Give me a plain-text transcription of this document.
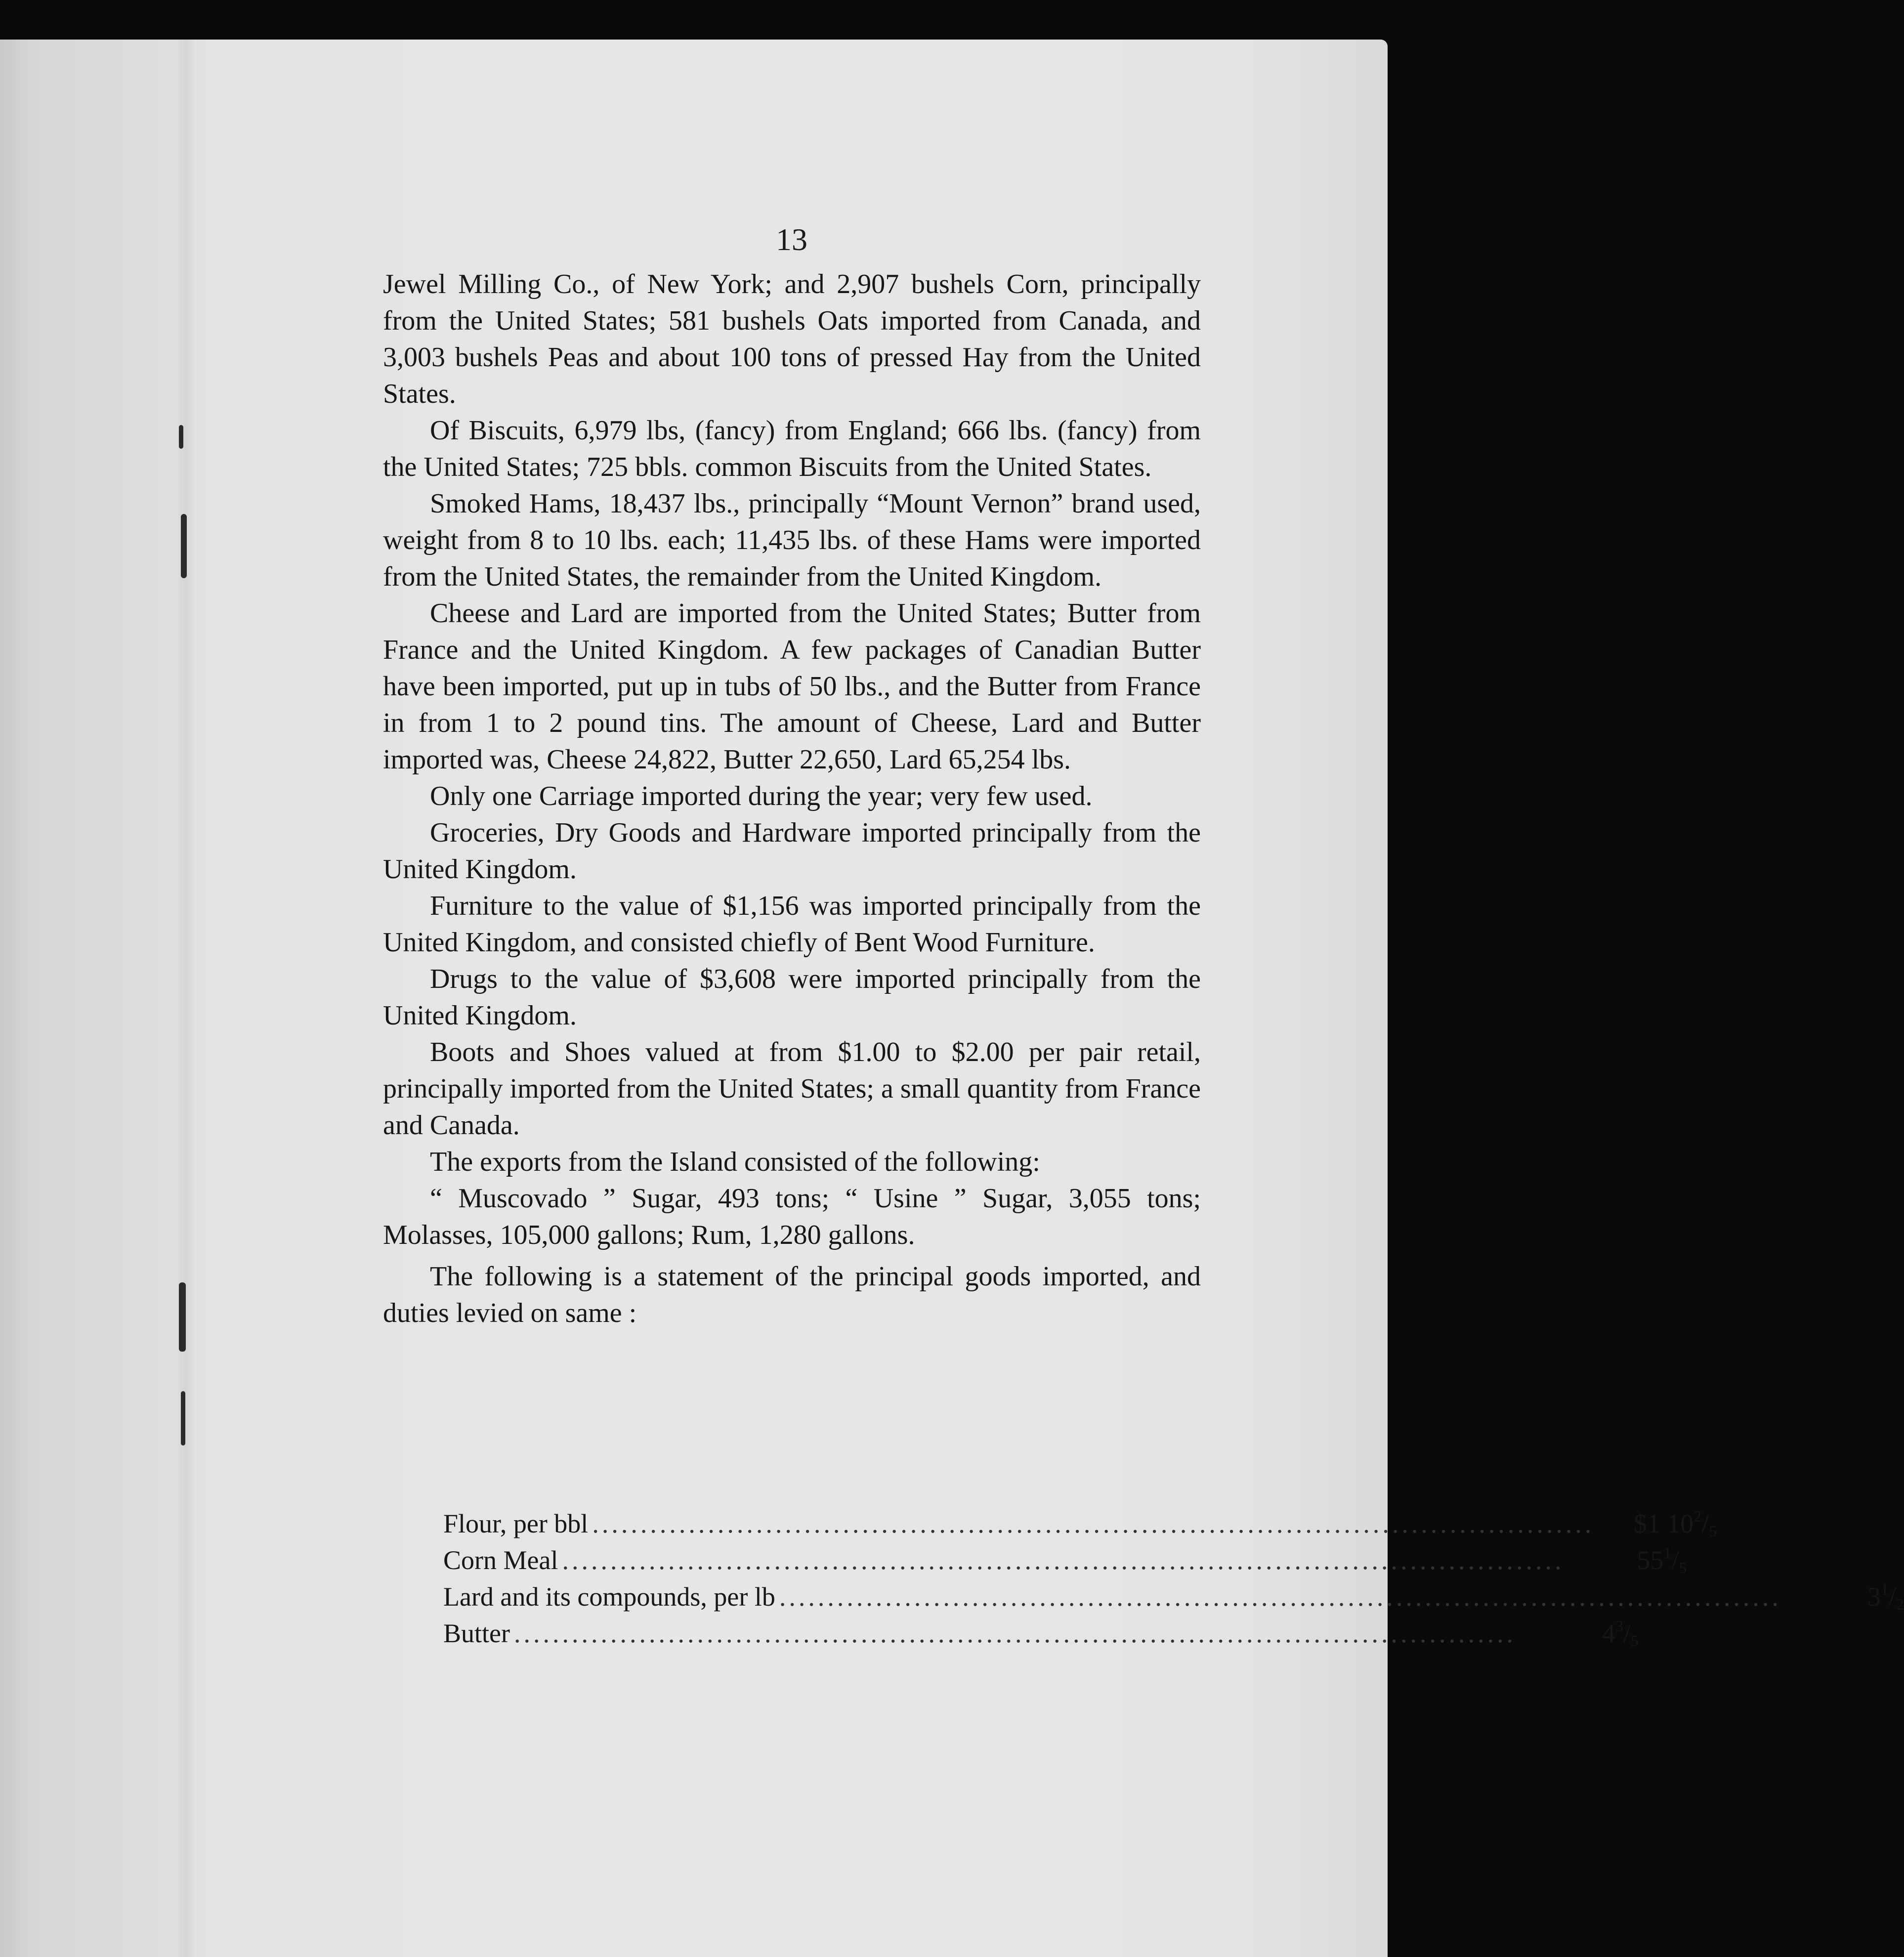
13

Jewel Milling Co., of New York; and 2,907 bushels Corn, principally from the United States; 581 bushels Oats imported from Canada, and 3,003 bushels Peas and about 100 tons of pressed Hay from the United States.

Of Biscuits, 6,979 lbs, (fancy) from England; 666 lbs. (fancy) from the United States; 725 bbls. common Biscuits from the United States.

Smoked Hams, 18,437 lbs., principally “Mount Vernon” brand used, weight from 8 to 10 lbs. each; 11,435 lbs. of these Hams were imported from the United States, the remainder from the United Kingdom.

Cheese and Lard are imported from the United States; Butter from France and the United Kingdom. A few packages of Canadian Butter have been imported, put up in tubs of 50 lbs., and the Butter from France in from 1 to 2 pound tins. The amount of Cheese, Lard and Butter imported was, Cheese 24,822, Butter 22,650, Lard 65,254 lbs.

Only one Carriage imported during the year; very few used.

Groceries, Dry Goods and Hardware imported principally from the United Kingdom.

Furniture to the value of $1,156 was imported principally from the United Kingdom, and consisted chiefly of Bent Wood Furniture.

Drugs to the value of $3,608 were imported principally from the United Kingdom.

Boots and Shoes valued at from $1.00 to $2.00 per pair retail, principally imported from the United States; a small quantity from France and Canada.

The exports from the Island consisted of the following:

“ Muscovado ” Sugar, 493 tons; “ Usine ” Sugar, 3,055 tons; Molasses, 105,000 gallons; Rum, 1,280 gallons.

The following is a statement of the principal goods imported, and duties levied on same :

Flour, per bbl ........................................................................................................	$1 $10^2/_5$
Corn Meal ........................................................................................................	$55^1/_5$
Lard and its compounds, per lb ........................................................................................................	$3^1/_2$
Butter ........................................................................................................	$4^3/_5$
